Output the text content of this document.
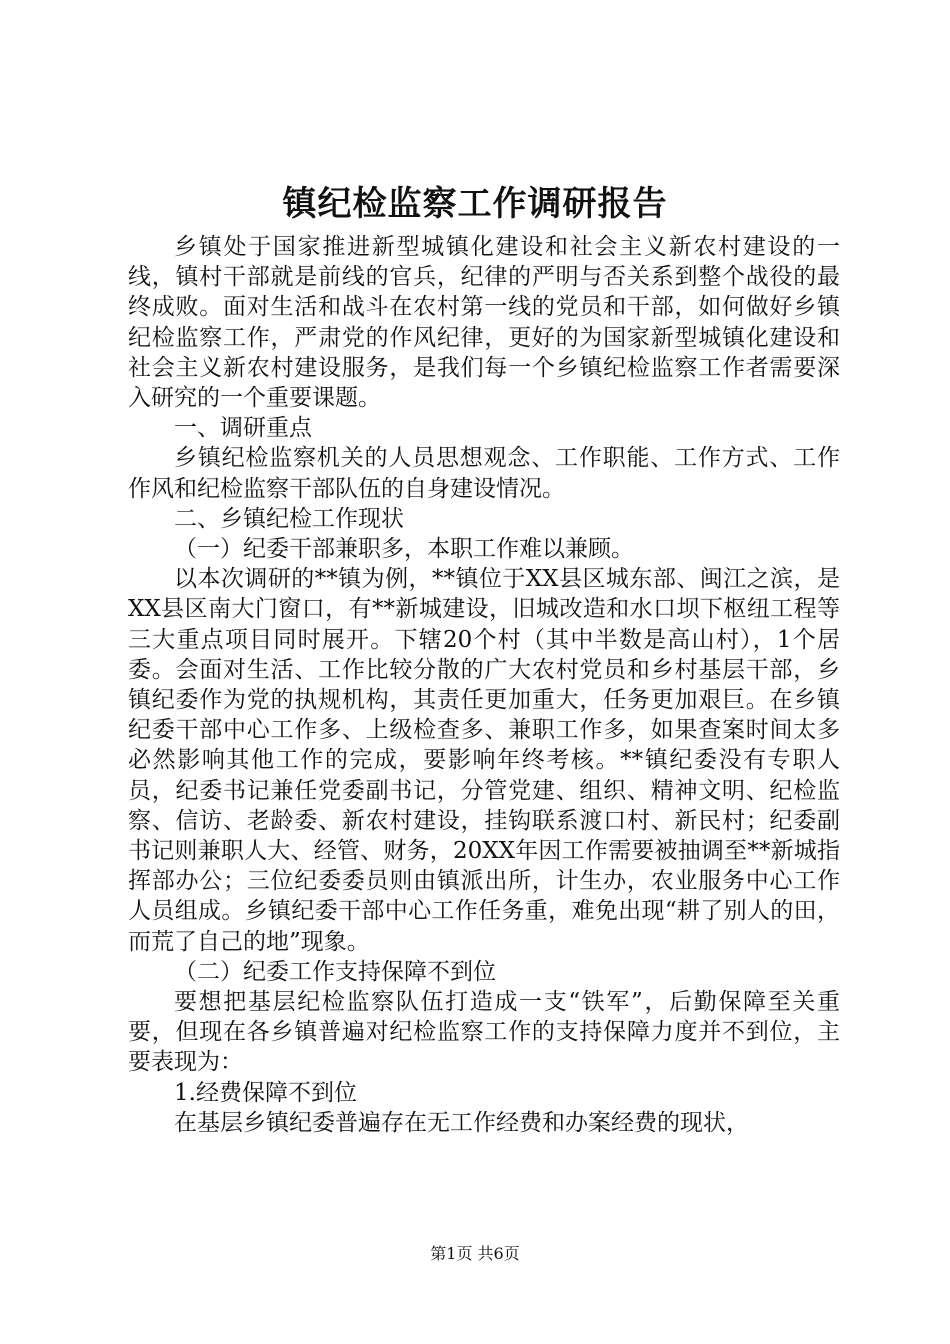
镇纪检监察工作调研报告

乡镇处于国家推进新型城镇化建设和社会主义新农村建设的一线，镇村干部就是前线的官兵，纪律的严明与否关系到整个战役的最终成败。面对生活和战斗在农村第一线的党员和干部，如何做好乡镇纪检监察工作，严肃党的作风纪律，更好的为国家新型城镇化建设和社会主义新农村建设服务，是我们每一个乡镇纪检监察工作者需要深入研究的一个重要课题。

一、调研重点

乡镇纪检监察机关的人员思想观念、工作职能、工作方式、工作作风和纪检监察干部队伍的自身建设情况。

二、乡镇纪检工作现状

（一）纪委干部兼职多，本职工作难以兼顾。

以本次调研的**镇为例，**镇位于XX县区城东部、闽江之滨，是XX县区南大门窗口，有**新城建设，旧城改造和水口坝下枢纽工程等三大重点项目同时展开。下辖20个村（其中半数是高山村），1个居委。会面对生活、工作比较分散的广大农村党员和乡村基层干部，乡镇纪委作为党的执规机构，其责任更加重大，任务更加艰巨。在乡镇纪委干部中心工作多、上级检查多、兼职工作多，如果查案时间太多必然影响其他工作的完成，要影响年终考核。**镇纪委没有专职人员，纪委书记兼任党委副书记，分管党建、组织、精神文明、纪检监察、信访、老龄委、新农村建设，挂钩联系渡口村、新民村；纪委副书记则兼职人大、经管、财务，20XX年因工作需要被抽调至**新城指挥部办公；三位纪委委员则由镇派出所，计生办，农业服务中心工作人员组成。乡镇纪委干部中心工作任务重，难免出现“耕了别人的田，而荒了自己的地”现象。

（二）纪委工作支持保障不到位

要想把基层纪检监察队伍打造成一支“铁军”，后勤保障至关重要，但现在各乡镇普遍对纪检监察工作的支持保障力度并不到位，主要表现为：

1.经费保障不到位

在基层乡镇纪委普遍存在无工作经费和办案经费的现状，

第1页 共6页
